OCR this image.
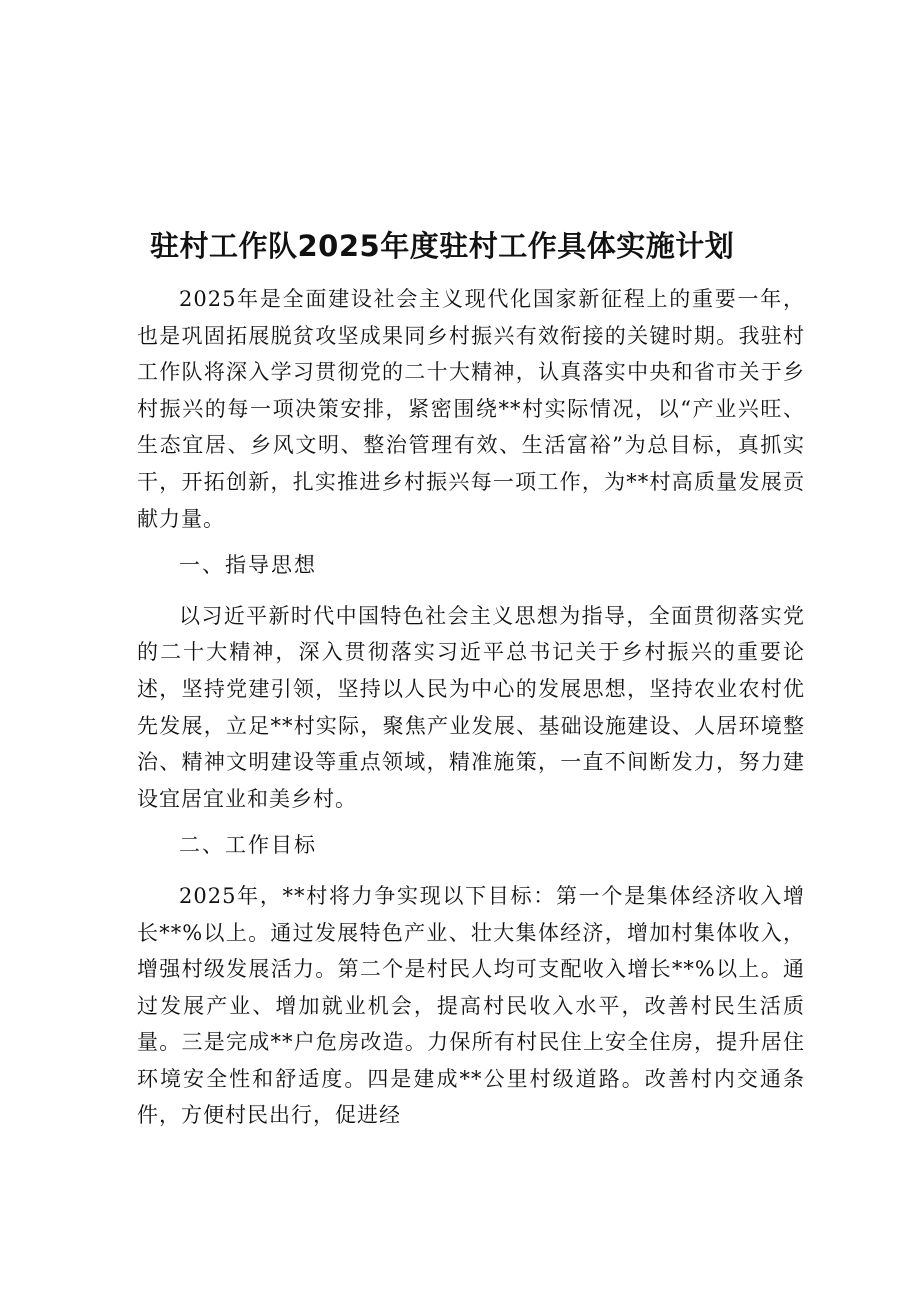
驻村工作队2025年度驻村工作具体实施计划

2025年是全面建设社会主义现代化国家新征程上的重要一年，也是巩固拓展脱贫攻坚成果同乡村振兴有效衔接的关键时期。我驻村工作队将深入学习贯彻党的二十大精神，认真落实中央和省市关于乡村振兴的每一项决策安排，紧密围绕**村实际情况，以“产业兴旺、生态宜居、乡风文明、整治管理有效、生活富裕”为总目标，真抓实干，开拓创新，扎实推进乡村振兴每一项工作，为**村高质量发展贡献力量。

一、指导思想

以习近平新时代中国特色社会主义思想为指导，全面贯彻落实党的二十大精神，深入贯彻落实习近平总书记关于乡村振兴的重要论述，坚持党建引领，坚持以人民为中心的发展思想，坚持农业农村优先发展，立足**村实际，聚焦产业发展、基础设施建设、人居环境整治、精神文明建设等重点领域，精准施策，一直不间断发力，努力建设宜居宜业和美乡村。

二、工作目标

2025年，**村将力争实现以下目标：第一个是集体经济收入增长**%以上。通过发展特色产业、壮大集体经济，增加村集体收入，增强村级发展活力。第二个是村民人均可支配收入增长**%以上。通过发展产业、增加就业机会，提高村民收入水平，改善村民生活质量。三是完成**户危房改造。力保所有村民住上安全住房，提升居住环境安全性和舒适度。四是建成**公里村级道路。改善村内交通条件，方便村民出行，促进经
